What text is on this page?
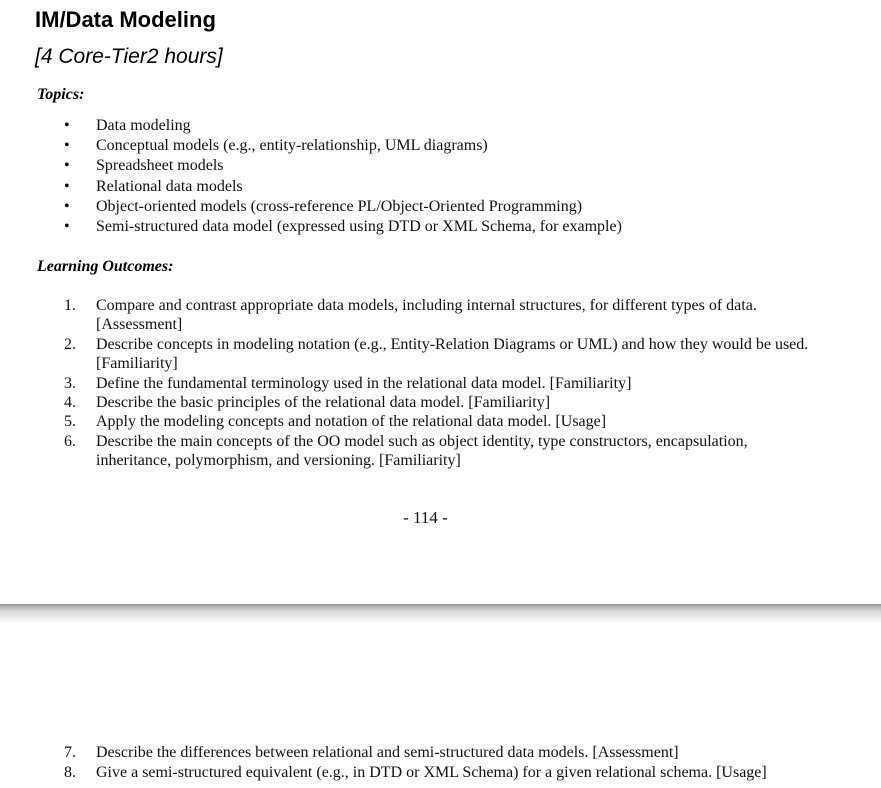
IM/Data Modeling
[4 Core-Tier2 hours]
Topics:
• Data modeling
• Conceptual models (e.g., entity-relationship, UML diagrams)
• Spreadsheet models
• Relational data models
• Object-oriented models (cross-reference PL/Object-Oriented Programming)
• Semi-structured data model (expressed using DTD or XML Schema, for example)
Learning Outcomes:
1. Compare and contrast appropriate data models, including internal structures, for different types of data. [Assessment]
2. Describe concepts in modeling notation (e.g., Entity-Relation Diagrams or UML) and how they would be used. [Familiarity]
3. Define the fundamental terminology used in the relational data model. [Familiarity]
4. Describe the basic principles of the relational data model. [Familiarity]
5. Apply the modeling concepts and notation of the relational data model. [Usage]
6. Describe the main concepts of the OO model such as object identity, type constructors, encapsulation, inheritance, polymorphism, and versioning. [Familiarity]
- 114 -
7. Describe the differences between relational and semi-structured data models. [Assessment]
8. Give a semi-structured equivalent (e.g., in DTD or XML Schema) for a given relational schema. [Usage]
